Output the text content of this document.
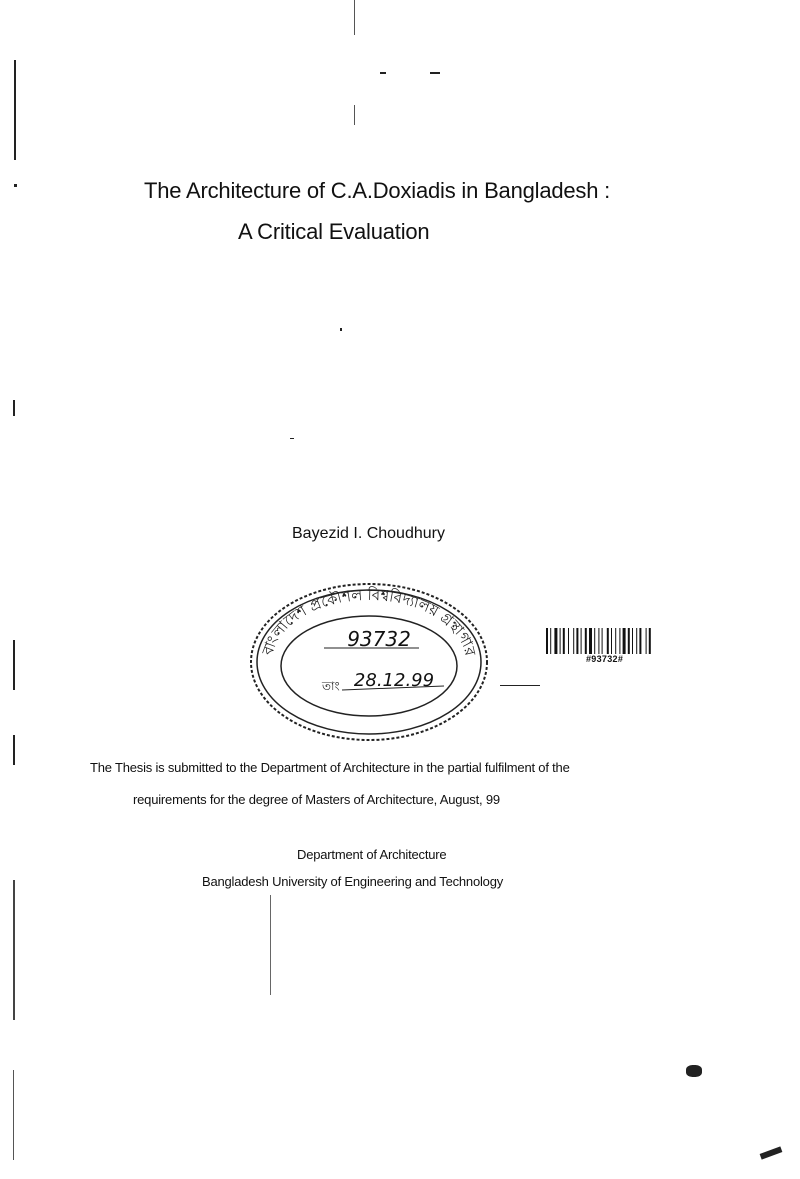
The Architecture of C.A.Doxiadis in Bangladesh :
A Critical Evaluation
Bayezid I. Choudhury
বাংলাদেশ প্রকৌশল বিশ্ববিদ্যালয় গ্রন্থাগার
93732
তাং 28.12.99
#93732#
The Thesis is submitted to the Department of Architecture in the partial fulfilment of the
requirements for the degree of Masters of Architecture, August, 99
Department of Architecture
Bangladesh University of Engineering and Technology
